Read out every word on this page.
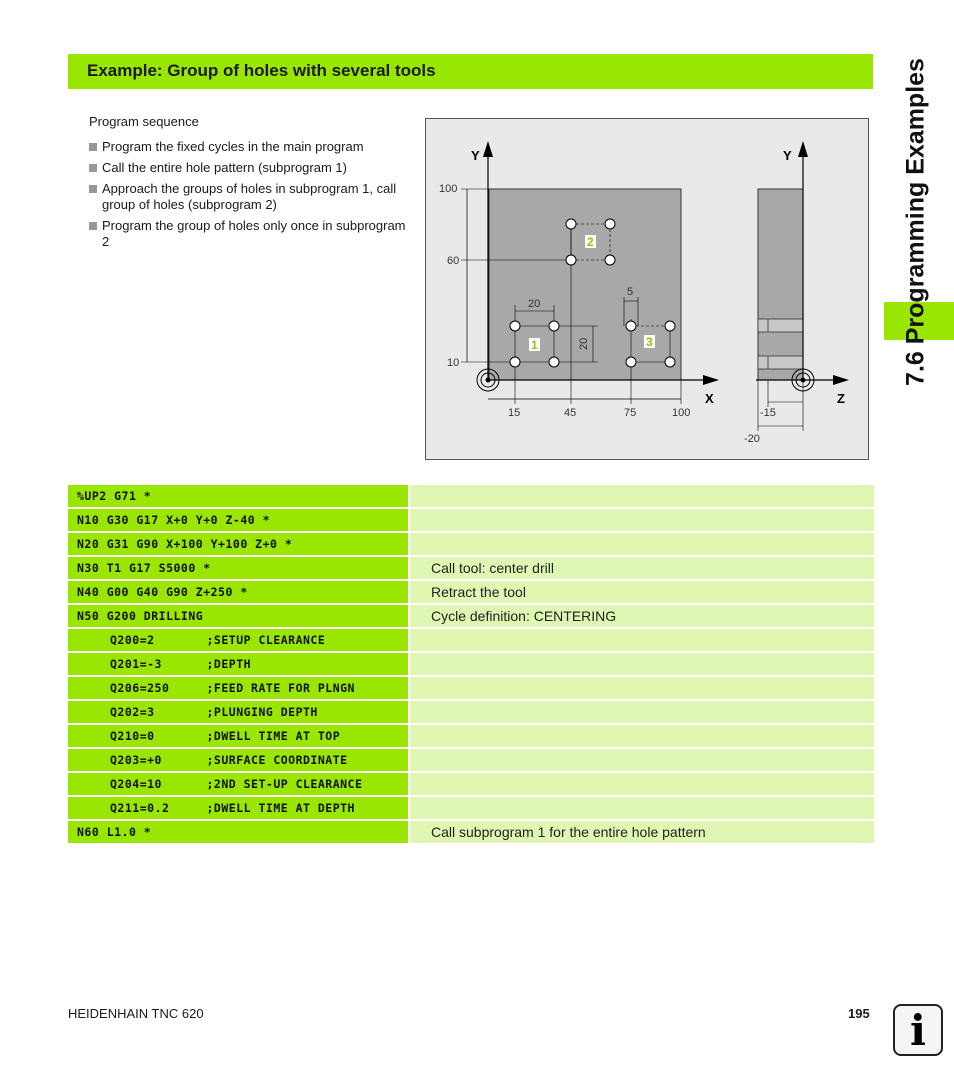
Example: Group of holes with several tools	7.6 Programming Examples
Program sequence
Program the fixed cycles in the main program
Call the entire hole pattern (subprogram 1)
Approach the groups of holes in subprogram 1, call group of holes (subprogram 2)
Program the group of holes only once in subprogram 2
Y
X
100
60
10
15	45	75	100
20
20
5
1
2
3
Y
Z
-15
-20
%UP2 G71 *
N10 G30 G17 X+0 Y+0 Z-40 *
N20 G31 G90 X+100 Y+100 Z+0 *
N30 T1 G17 S5000 *	Call tool: center drill
N40 G00 G40 G90 Z+250 *	Retract the tool
N50 G200 DRILLING	Cycle definition: CENTERING
Q200=2       ;SETUP CLEARANCE
Q201=-3      ;DEPTH
Q206=250     ;FEED RATE FOR PLNGN
Q202=3       ;PLUNGING DEPTH
Q210=0       ;DWELL TIME AT TOP
Q203=+0      ;SURFACE COORDINATE
Q204=10      ;2ND SET-UP CLEARANCE
Q211=0.2     ;DWELL TIME AT DEPTH
N60 L1.0 *	Call subprogram 1 for the entire hole pattern
HEIDENHAIN TNC 620	195 i
